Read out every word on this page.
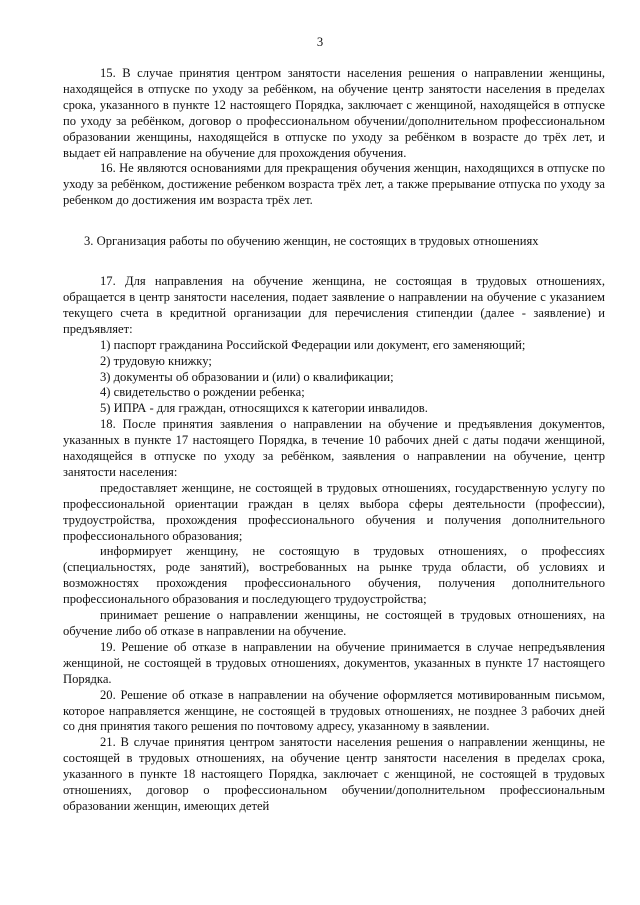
3

15. В случае принятия центром занятости населения решения о направлении женщины, находящейся в отпуске по уходу за ребёнком, на обучение центр занятости населения в пределах срока, указанного в пункте 12 настоящего Порядка, заключает с женщиной, находящейся в отпуске по уходу за ребёнком, договор о профессиональном обучении/дополнительном профессиональном образовании женщины, находящейся в отпуске по уходу за ребёнком в возрасте до трёх лет, и выдает ей направление на обучение для прохождения обучения.

16. Не являются основаниями для прекращения обучения женщин, находящихся в отпуске по уходу за ребёнком, достижение ребенком возраста трёх лет, а также прерывание отпуска по уходу за ребенком до достижения им возраста трёх лет.

3. Организация работы по обучению женщин, не состоящих в трудовых отношениях

17. Для направления на обучение женщина, не состоящая в трудовых отношениях, обращается в центр занятости населения, подает заявление о направлении на обучение с указанием текущего счета в кредитной организации для перечисления стипендии (далее - заявление) и предъявляет:

1) паспорт гражданина Российской Федерации или документ, его заменяющий;

2) трудовую книжку;

3) документы об образовании и (или) о квалификации;

4) свидетельство о рождении ребенка;

5) ИПРА - для граждан, относящихся к категории инвалидов.

18. После принятия заявления о направлении на обучение и предъявления документов, указанных в пункте 17 настоящего Порядка, в течение 10 рабочих дней с даты подачи женщиной, находящейся в отпуске по уходу за ребёнком, заявления о направлении на обучение, центр занятости населения:

предоставляет женщине, не состоящей в трудовых отношениях, государственную услугу по профессиональной ориентации граждан в целях выбора сферы деятельности (профессии), трудоустройства, прохождения профессионального обучения и получения дополнительного профессионального образования;

информирует женщину, не состоящую в трудовых отношениях, о профессиях (специальностях, роде занятий), востребованных на рынке труда области, об условиях и возможностях прохождения профессионального обучения, получения дополнительного профессионального образования и последующего трудоустройства;

принимает решение о направлении женщины, не состоящей в трудовых отношениях, на обучение либо об отказе в направлении на обучение.

19. Решение об отказе в направлении на обучение принимается в случае непредъявления женщиной, не состоящей в трудовых отношениях, документов, указанных в пункте 17 настоящего Порядка.

20. Решение об отказе в направлении на обучение оформляется мотивированным письмом, которое направляется женщине, не состоящей в трудовых отношениях, не позднее 3 рабочих дней со дня принятия такого решения по почтовому адресу, указанному в заявлении.

21. В случае принятия центром занятости населения решения о направлении женщины, не состоящей в трудовых отношениях, на обучение центр занятости населения в пределах срока, указанного в пункте 18 настоящего Порядка, заключает с женщиной, не состоящей в трудовых отношениях, договор о профессиональном обучении/дополнительном профессиональным образовании женщин, имеющих детей
